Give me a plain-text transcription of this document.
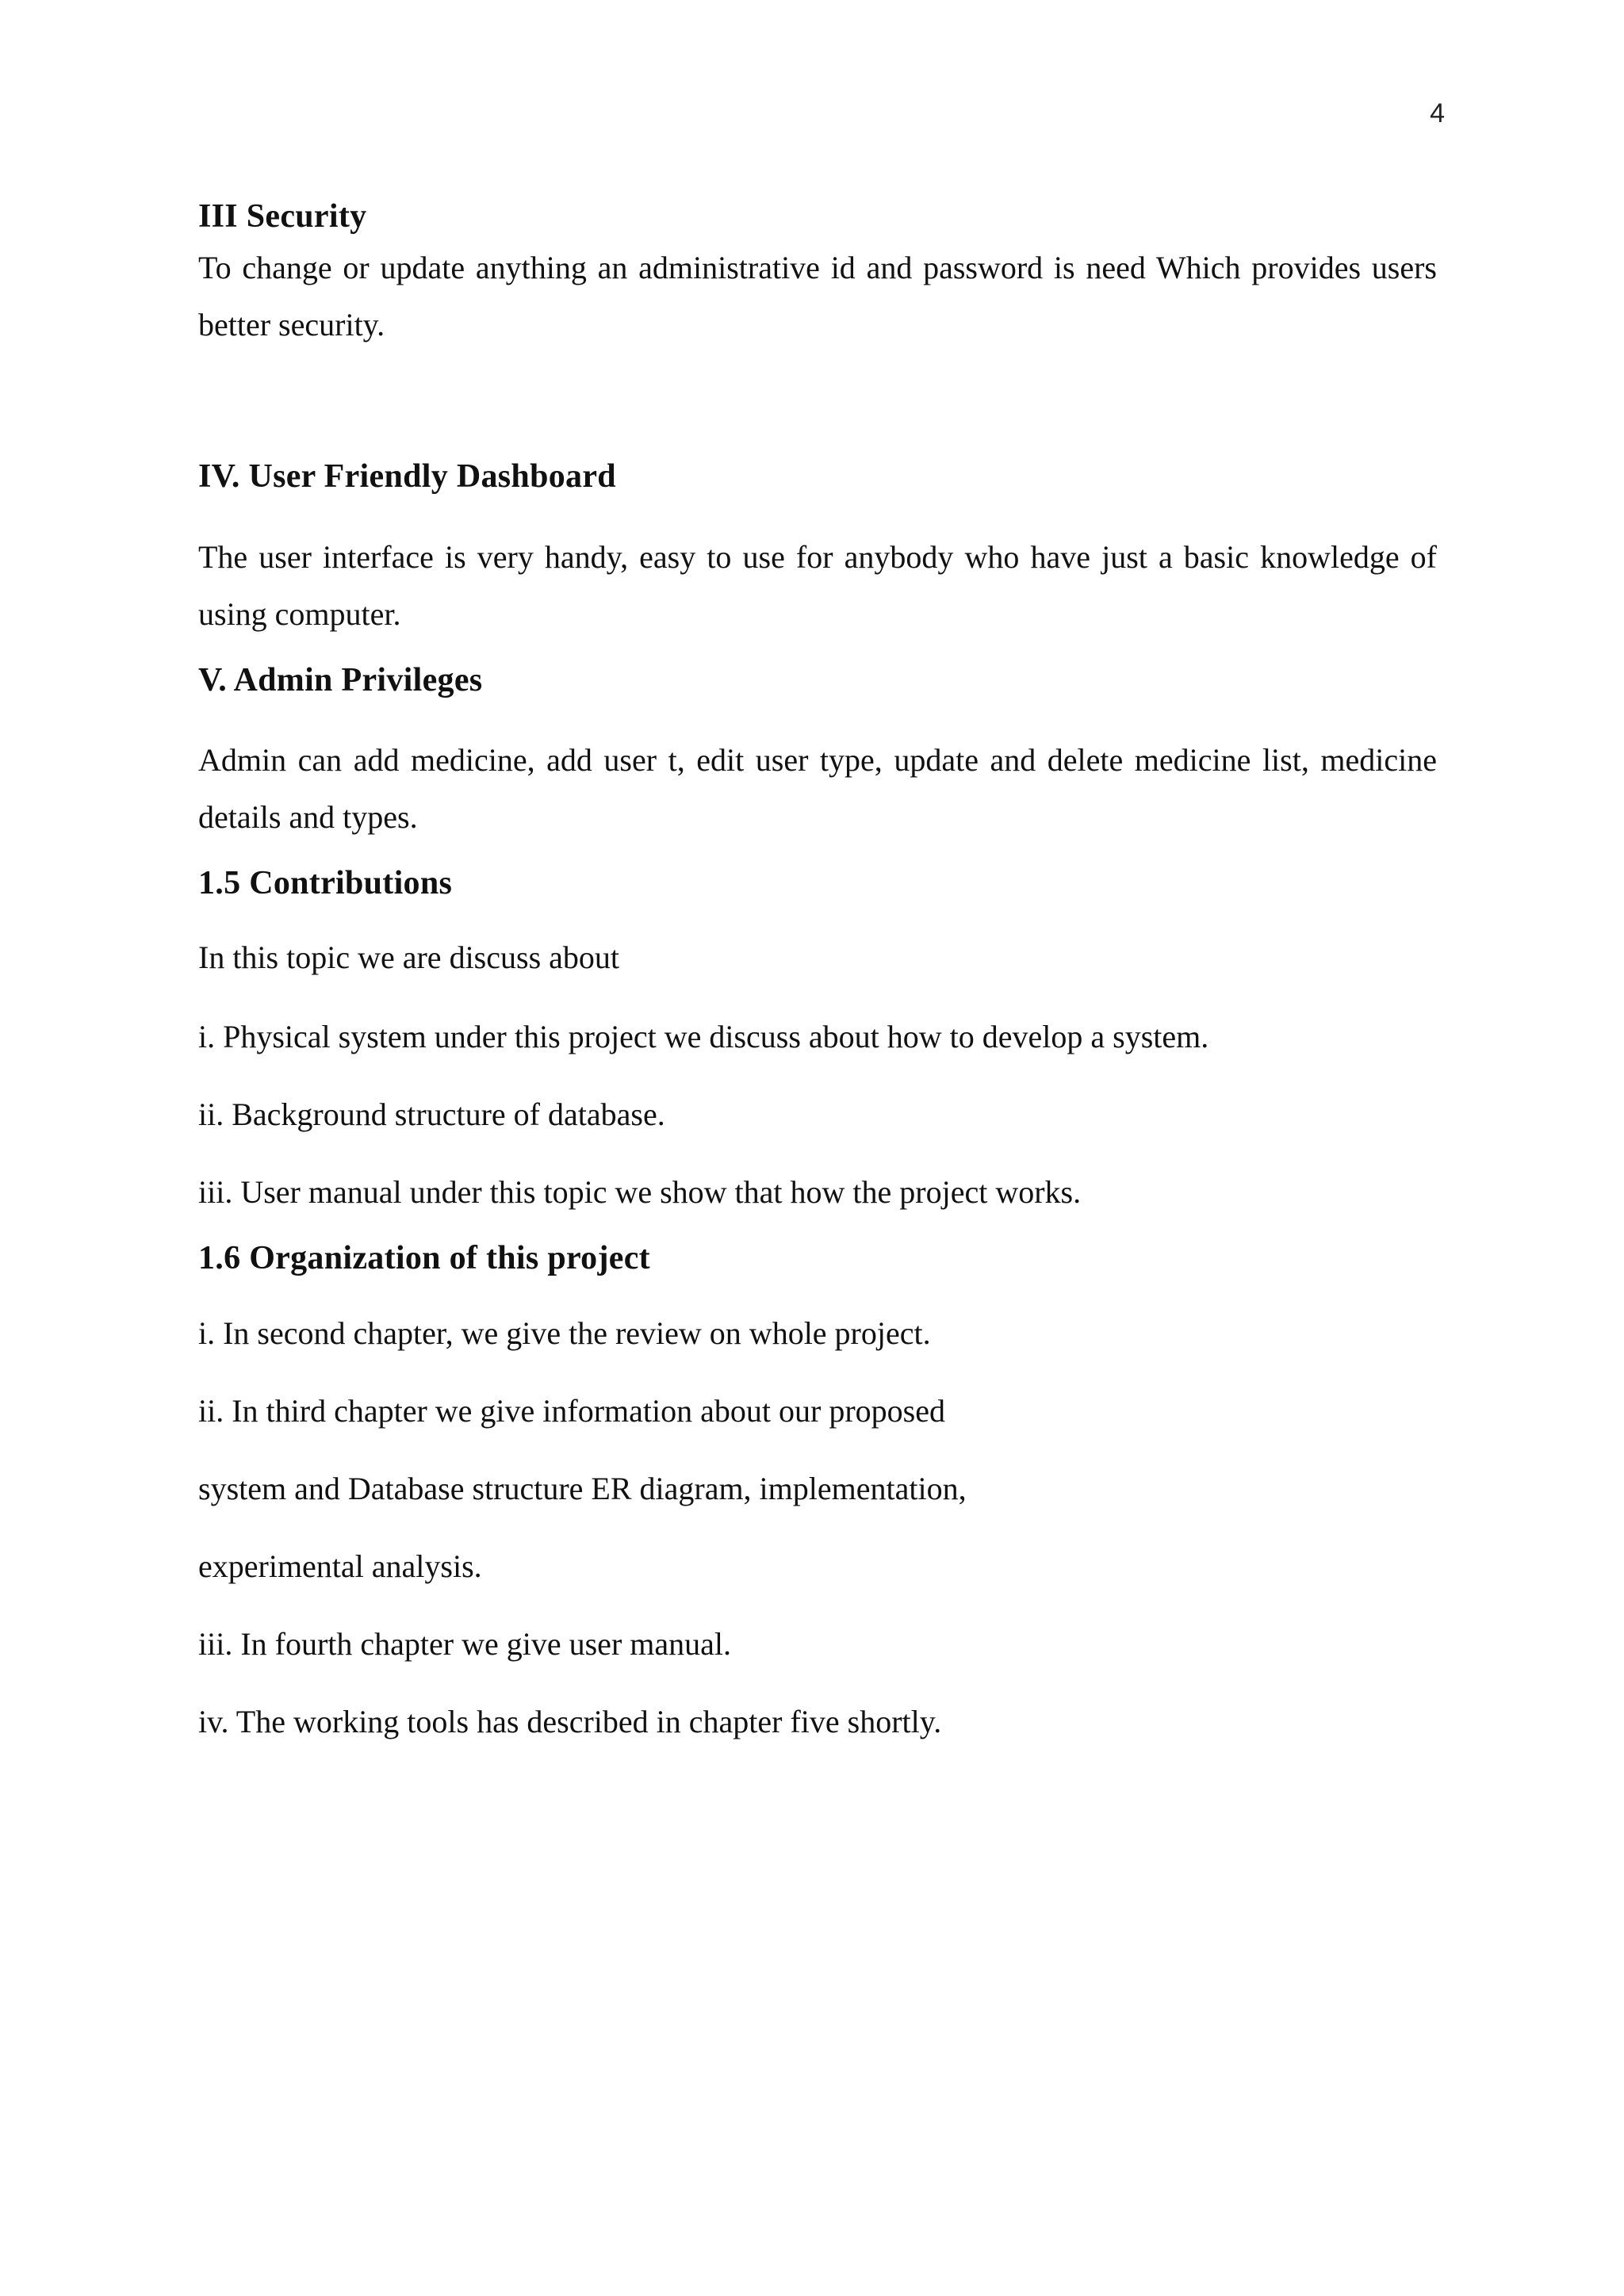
4
III Security

To change or update anything an administrative id and password is need Which provides users better security.

IV. User Friendly Dashboard

The user interface is very handy, easy to use for anybody who have just a basic knowledge of using computer.

V. Admin Privileges

Admin can add medicine, add user t, edit user type, update and delete medicine list, medicine details and types.

1.5 Contributions

In this topic we are discuss about

i. Physical system under this project we discuss about how to develop a system.

ii. Background structure of database.

iii. User manual under this topic we show that how the project works.

1.6 Organization of this project

i. In second chapter, we give the review on whole project.

ii. In third chapter we give information about our proposed

system and Database structure ER diagram, implementation,

experimental analysis.

iii. In fourth chapter we give user manual.

iv. The working tools has described in chapter five shortly.
